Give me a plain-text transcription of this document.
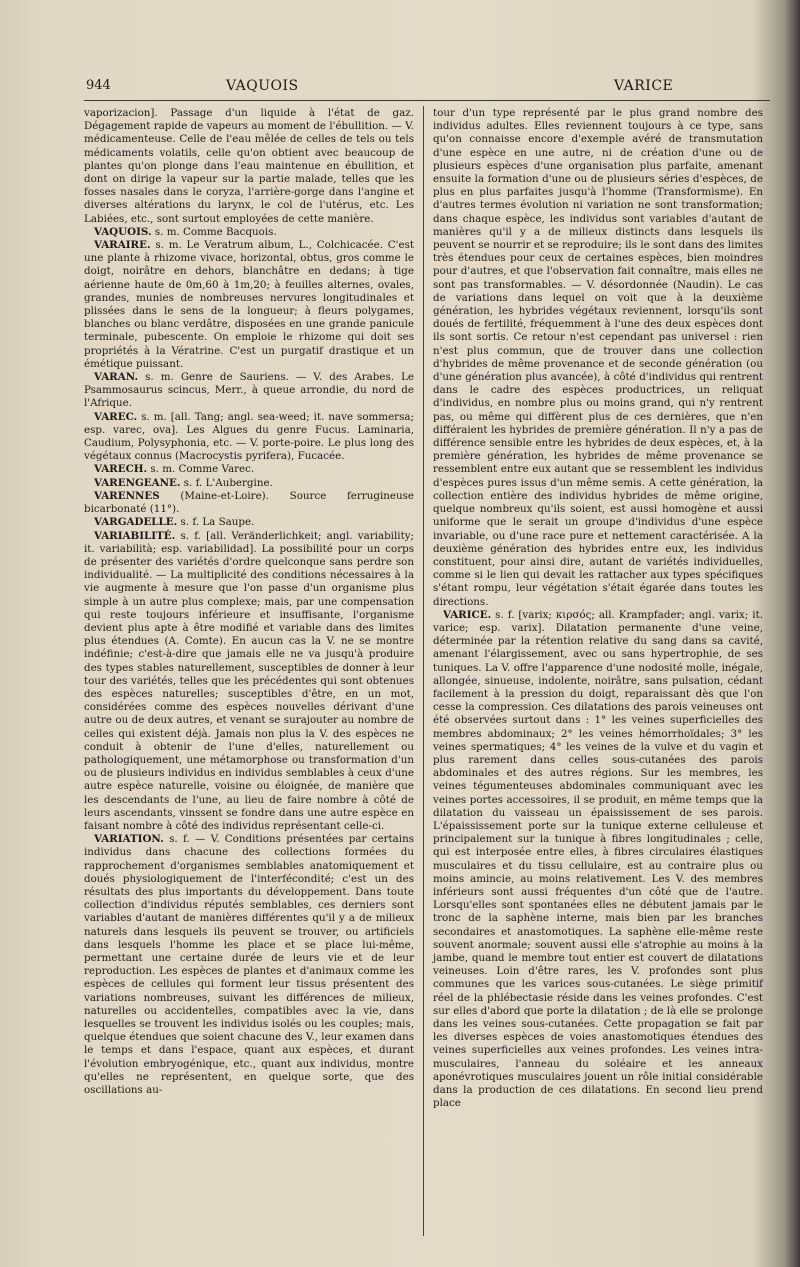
944	VAQUOIS	VARICE

vaporizacion]. Passage d'un liquide à l'état de gaz. Dégagement rapide de vapeurs au moment de l'ébullition. — V. médicamenteuse. Celle de l'eau mêlée de celles de tels ou tels médicaments volatils, celle qu'on obtient avec beaucoup de plantes qu'on plonge dans l'eau maintenue en ébullition, et dont on dirige la vapeur sur la partie malade, telles que les fosses nasales dans le coryza, l'arrière-gorge dans l'angine et diverses altérations du larynx, le col de l'utérus, etc. Les Labiées, etc., sont surtout employées de cette manière.

VAQUOIS. s. m. Comme Bacquois.

VARAIRE. s. m. Le Veratrum album, L., Colchicacée. C'est une plante à rhizome vivace, horizontal, obtus, gros comme le doigt, noirâtre en dehors, blanchâtre en dedans; à tige aérienne haute de 0m,60 à 1m,20; à feuilles alternes, ovales, grandes, munies de nombreuses nervures longitudinales et plissées dans le sens de la longueur; à fleurs polygames, blanches ou blanc verdâtre, disposées en une grande panicule terminale, pubescente. On emploie le rhizome qui doit ses propriétés à la Vératrine. C'est un purgatif drastique et un émétique puissant.

VARAN. s. m. Genre de Sauriens. — V. des Arabes. Le Psammosaurus scincus, Merr., à queue arrondie, du nord de l'Afrique.

VAREC. s. m. [all. Tang; angl. sea-weed; it. nave sommersa; esp. varec, ova]. Les Algues du genre Fucus. Laminaria, Caudium, Polysyphonia, etc. — V. porte-poire. Le plus long des végétaux connus (Macrocystis pyrifera), Fucacée.

VARECH. s. m. Comme Varec.

VARENGEANE. s. f. L'Aubergine.

VARENNES (Maine-et-Loire). Source ferrugineuse bicarbonaté (11°).

VARGADELLE. s. f. La Saupe.

VARIABILITÉ. s. f. [all. Veränderlichkeit; angl. variability; it. variabilità; esp. variabilidad]. La possibilité pour un corps de présenter des variétés d'ordre quelconque sans perdre son individualité. — La multiplicité des conditions nécessaires à la vie augmente à mesure que l'on passe d'un organisme plus simple à un autre plus complexe; mais, par une compensation qui reste toujours inférieure et insuffisante, l'organisme devient plus apte à être modifié et variable dans des limites plus étendues (A. Comte). En aucun cas la V. ne se montre indéfinie; c'est-à-dire que jamais elle ne va jusqu'à produire des types stables naturellement, susceptibles de donner à leur tour des variétés, telles que les précédentes qui sont obtenues des espèces naturelles; susceptibles d'être, en un mot, considérées comme des espèces nouvelles dérivant d'une autre ou de deux autres, et venant se surajouter au nombre de celles qui existent déjà. Jamais non plus la V. des espèces ne conduit à obtenir de l'une d'elles, naturellement ou pathologiquement, une métamorphose ou transformation d'un ou de plusieurs individus en individus semblables à ceux d'une autre espèce naturelle, voisine ou éloignée, de manière que les descendants de l'une, au lieu de faire nombre à côté de leurs ascendants, vinssent se fondre dans une autre espèce en faisant nombre à côté des individus représentant celle-ci.

VARIATION. s. f. — V. Conditions présentées par certains individus dans chacune des collections formées du rapprochement d'organismes semblables anatomiquement et doués physiologiquement de l'interfécondité; c'est un des résultats des plus importants du développement. Dans toute collection d'individus réputés semblables, ces derniers sont variables d'autant de manières différentes qu'il y a de milieux naturels dans lesquels ils peuvent se trouver, ou artificiels dans lesquels l'homme les place et se place lui-même, permettant une certaine durée de leurs vie et de leur reproduction. Les espèces de plantes et d'animaux comme les espèces de cellules qui forment leur tissus présentent des variations nombreuses, suivant les différences de milieux, naturelles ou accidentelles, compatibles avec la vie, dans lesquelles se trouvent les individus isolés ou les couples; mais, quelque étendues que soient chacune des V., leur examen dans le temps et dans l'espace, quant aux espèces, et durant l'évolution embryogénique, etc., quant aux individus, montre qu'elles ne représentent, en quelque sorte, que des oscillations au-

tour d'un type représenté par le plus grand nombre des individus adultes. Elles reviennent toujours à ce type, sans qu'on connaisse encore d'exemple avéré de transmutation d'une espèce en une autre, ni de création d'une ou de plusieurs espèces d'une organisation plus parfaite, amenant ensuite la formation d'une ou de plusieurs séries d'espèces, de plus en plus parfaites jusqu'à l'homme (Transformisme). En d'autres termes évolution ni variation ne sont transformation; dans chaque espèce, les individus sont variables d'autant de manières qu'il y a de milieux distincts dans lesquels ils peuvent se nourrir et se reproduire; ils le sont dans des limites très étendues pour ceux de certaines espèces, bien moindres pour d'autres, et que l'observation fait connaître, mais elles ne sont pas transformables. — V. désordonnée (Naudin). Le cas de variations dans lequel on voit que à la deuxième génération, les hybrides végétaux reviennent, lorsqu'ils sont doués de fertilité, fréquemment à l'une des deux espèces dont ils sont sortis. Ce retour n'est cependant pas universel : rien n'est plus commun, que de trouver dans une collection d'hybrides de même provenance et de seconde génération (ou d'une génération plus avancée), à côté d'individus qui rentrent dans le cadre des espèces productrices, un reliquat d'individus, en nombre plus ou moins grand, qui n'y rentrent pas, ou même qui diffèrent plus de ces dernières, que n'en différaient les hybrides de première génération. Il n'y a pas de différence sensible entre les hybrides de deux espèces, et, à la première génération, les hybrides de même provenance se ressemblent entre eux autant que se ressemblent les individus d'espèces pures issus d'un même semis. A cette génération, la collection entière des individus hybrides de même origine, quelque nombreux qu'ils soient, est aussi homogène et aussi uniforme que le serait un groupe d'individus d'une espèce invariable, ou d'une race pure et nettement caractérisée. A la deuxième génération des hybrides entre eux, les individus constituent, pour ainsi dire, autant de variétés individuelles, comme si le lien qui devait les rattacher aux types spécifiques s'étant rompu, leur végétation s'était égarée dans toutes les directions.

VARICE. s. f. [varix; κιρσός; all. Krampfader; angl. varix; it. varice; esp. varix]. Dilatation permanente d'une veine, déterminée par la rétention relative du sang dans sa cavité, amenant l'élargissement, avec ou sans hypertrophie, de ses tuniques. La V. offre l'apparence d'une nodosité molle, inégale, allongée, sinueuse, indolente, noirâtre, sans pulsation, cédant facilement à la pression du doigt, reparaissant dès que l'on cesse la compression. Ces dilatations des parois veineuses ont été observées surtout dans : 1° les veines superficielles des membres abdominaux; 2° les veines hémorrhoïdales; 3° les veines spermatiques; 4° les veines de la vulve et du vagin et plus rarement dans celles sous-cutanées des parois abdominales et des autres régions. Sur les membres, les veines tégumenteuses abdominales communiquant avec les veines portes accessoires, il se produit, en même temps que la dilatation du vaisseau un épaississement de ses parois. L'épaississement porte sur la tunique externe celluleuse et principalement sur la tunique à fibres longitudinales ; celle, qui est interposée entre elles, à fibres circulaires élastiques musculaires et du tissu cellulaire, est au contraire plus ou moins amincie, au moins relativement. Les V. des membres inférieurs sont aussi fréquentes d'un côté que de l'autre. Lorsqu'elles sont spontanées elles ne débutent jamais par le tronc de la saphène interne, mais bien par les branches secondaires et anastomotiques. La saphène elle-même reste souvent anormale; souvent aussi elle s'atrophie au moins à la jambe, quand le membre tout entier est couvert de dilatations veineuses. Loin d'être rares, les V. profondes sont plus communes que les varices sous-cutanées. Le siège primitif réel de la phlébectasie réside dans les veines profondes. C'est sur elles d'abord que porte la dilatation ; de là elle se prolonge dans les veines sous-cutanées. Cette propagation se fait par les diverses espèces de voies anastomotiques étendues des veines superficielles aux veines profondes. Les veines intra-musculaires, l'anneau du soléaire et les anneaux aponévrotiques musculaires jouent un rôle initial considérable dans la production de ces dilatations. En second lieu prend place
